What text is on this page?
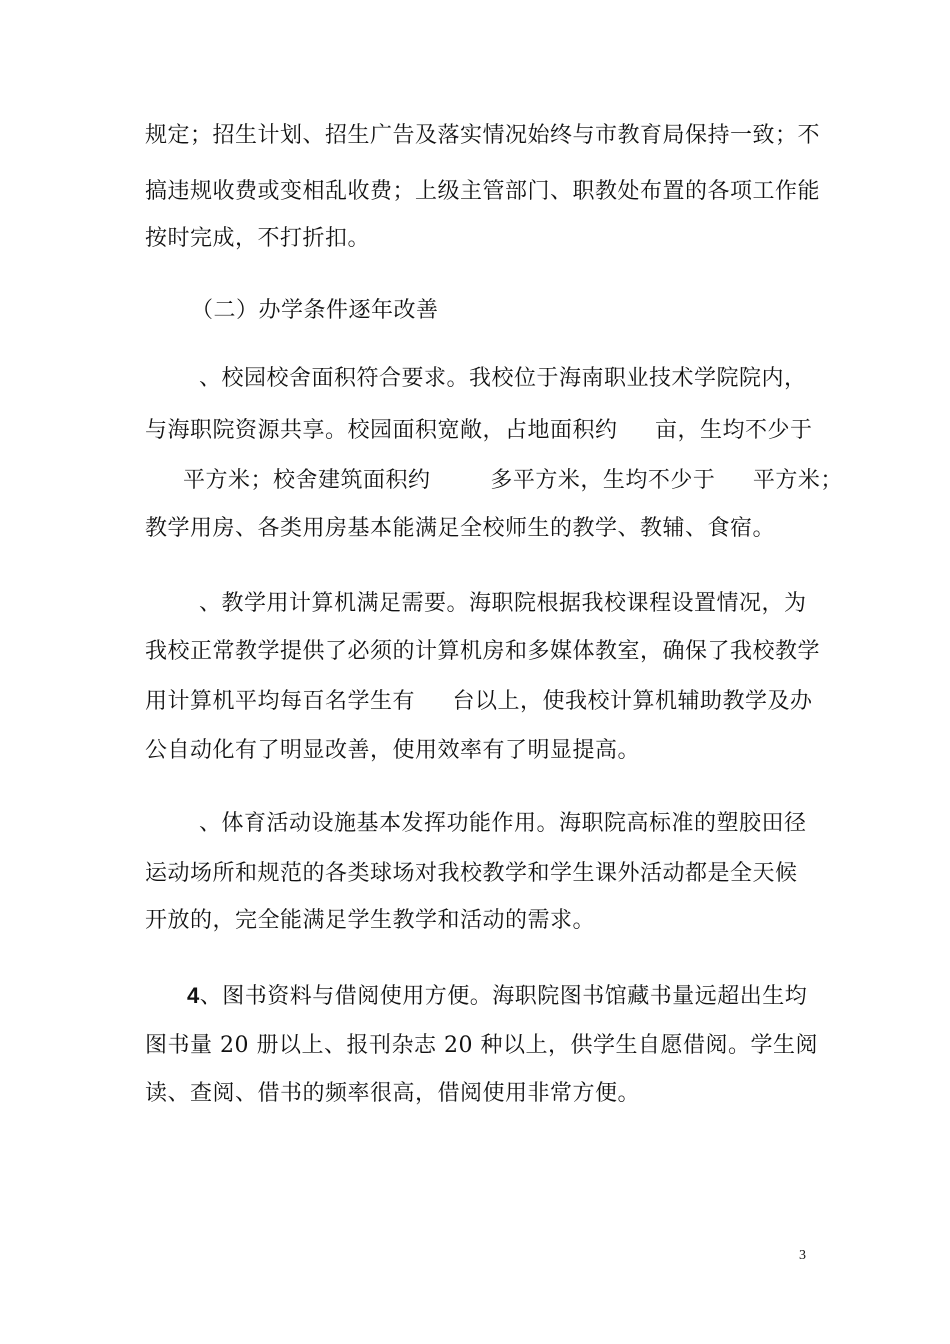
规定；招生计划、招生广告及落实情况始终与市教育局保持一致；不
搞违规收费或变相乱收费；上级主管部门、职教处布置的各项工作能
按时完成，不打折扣。
（二）办学条件逐年改善
、校园校舍面积符合要求。我校位于海南职业技术学院院内，
与海职院资源共享。校园面积宽敞，占地面积约     亩，生均不少于
平方米；校舍建筑面积约        多平方米，生均不少于     平方米；
教学用房、各类用房基本能满足全校师生的教学、教辅、食宿。
、教学用计算机满足需要。海职院根据我校课程设置情况，为
我校正常教学提供了必须的计算机房和多媒体教室，确保了我校教学
用计算机平均每百名学生有     台以上，使我校计算机辅助教学及办
公自动化有了明显改善，使用效率有了明显提高。
、体育活动设施基本发挥功能作用。海职院高标准的塑胶田径
运动场所和规范的各类球场对我校教学和学生课外活动都是全天候
开放的，完全能满足学生教学和活动的需求。
4、图书资料与借阅使用方便。海职院图书馆藏书量远超出生均
图书量 20 册以上、报刊杂志 20 种以上，供学生自愿借阅。学生阅
读、查阅、借书的频率很高，借阅使用非常方便。
3
